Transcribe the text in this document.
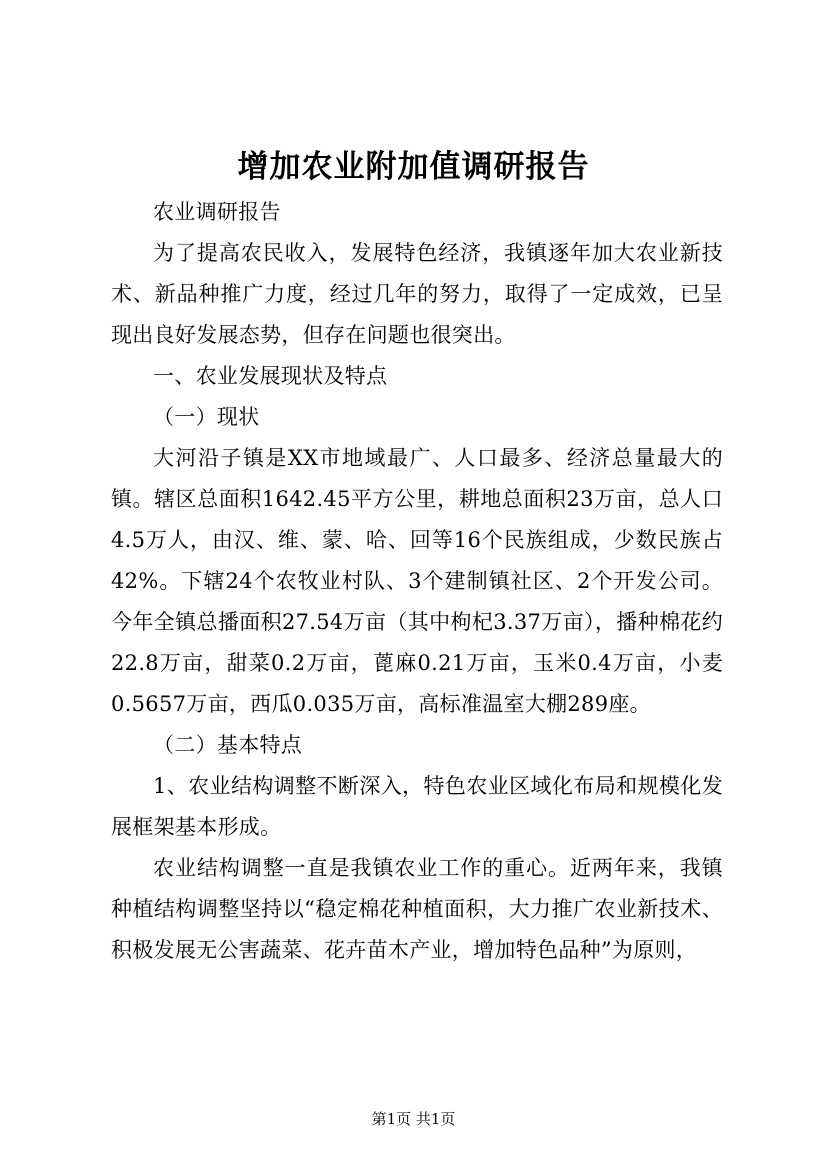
增加农业附加值调研报告

农业调研报告

为了提高农民收入，发展特色经济，我镇逐年加大农业新技术、新品种推广力度，经过几年的努力，取得了一定成效，已呈现出良好发展态势，但存在问题也很突出。

一、农业发展现状及特点

（一）现状

大河沿子镇是XX市地域最广、人口最多、经济总量最大的镇。辖区总面积1642.45平方公里，耕地总面积23万亩，总人口4.5万人，由汉、维、蒙、哈、回等16个民族组成，少数民族占42%。下辖24个农牧业村队、3个建制镇社区、2个开发公司。今年全镇总播面积27.54万亩（其中枸杞3.37万亩），播种棉花约22.8万亩，甜菜0.2万亩，蓖麻0.21万亩，玉米0.4万亩，小麦0.5657万亩，西瓜0.035万亩，高标准温室大棚289座。

（二）基本特点

1、农业结构调整不断深入，特色农业区域化布局和规模化发展框架基本形成。

农业结构调整一直是我镇农业工作的重心。近两年来，我镇种植结构调整坚持以“稳定棉花种植面积，大力推广农业新技术、积极发展无公害蔬菜、花卉苗木产业，增加特色品种”为原则，

第1页 共1页
